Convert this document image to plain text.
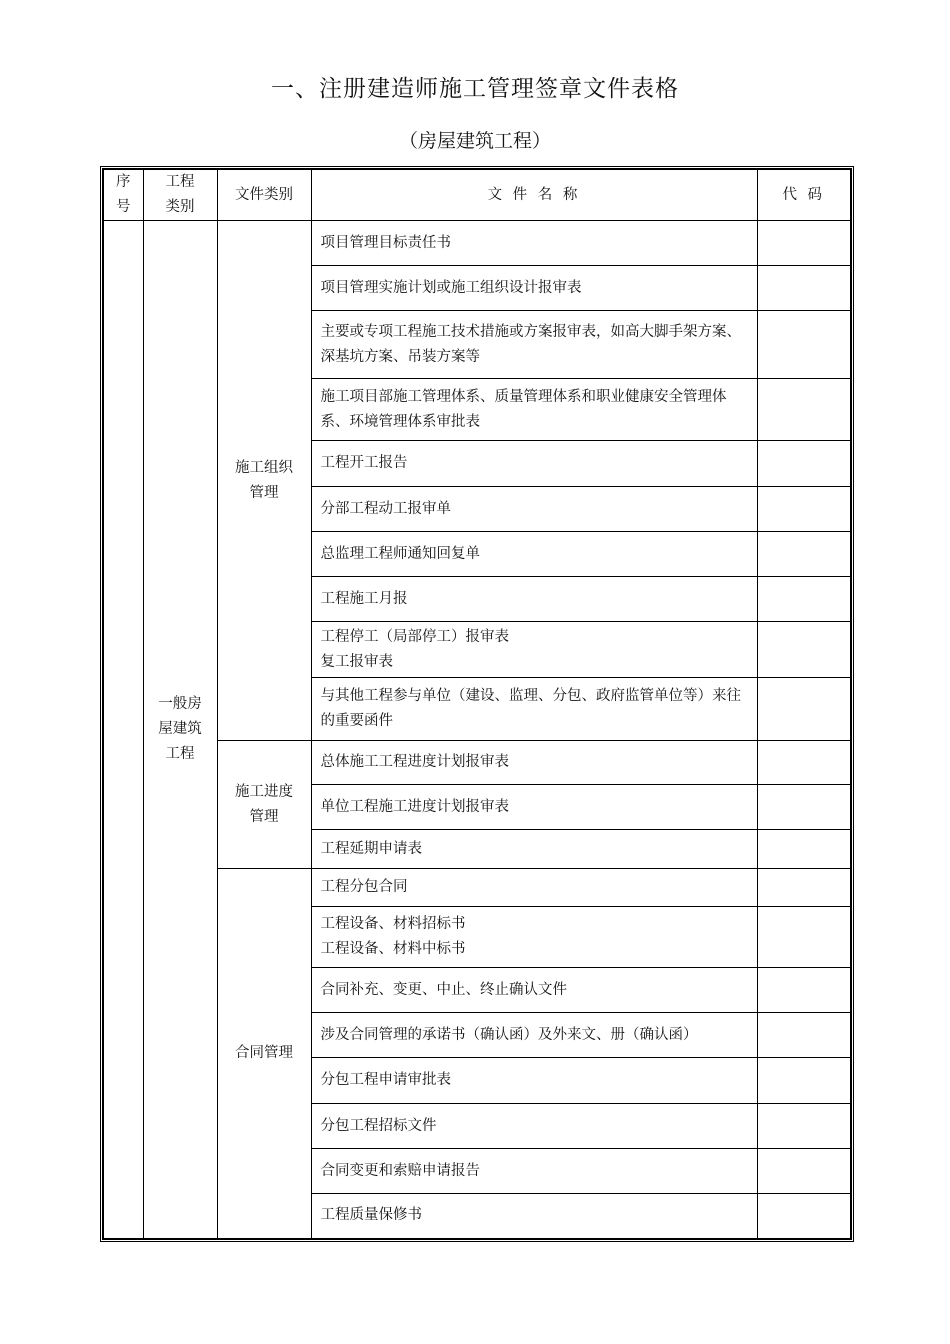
一、注册建造师施工管理签章文件表格
（房屋建筑工程）
序号	工程类别	文件类别	文 件 名 称	代 码
	一般房屋建筑工程	施工组织管理	项目管理目标责任书	
			项目管理实施计划或施工组织设计报审表	
			主要或专项工程施工技术措施或方案报审表，如高大脚手架方案、深基坑方案、吊装方案等	
			施工项目部施工管理体系、质量管理体系和职业健康安全管理体系、环境管理体系审批表	
			工程开工报告	
			分部工程动工报审单	
			总监理工程师通知回复单	
			工程施工月报	
			工程停工（局部停工）报审表
复工报审表	
			与其他工程参与单位（建设、监理、分包、政府监管单位等）来往的重要函件	
		施工进度管理	总体施工工程进度计划报审表	
			单位工程施工进度计划报审表	
			工程延期申请表	
		合同管理	工程分包合同	
			工程设备、材料招标书
工程设备、材料中标书	
			合同补充、变更、中止、终止确认文件	
			涉及合同管理的承诺书（确认函）及外来文、册（确认函）	
			分包工程申请审批表	
			分包工程招标文件	
			合同变更和索赔申请报告	
			工程质量保修书	
